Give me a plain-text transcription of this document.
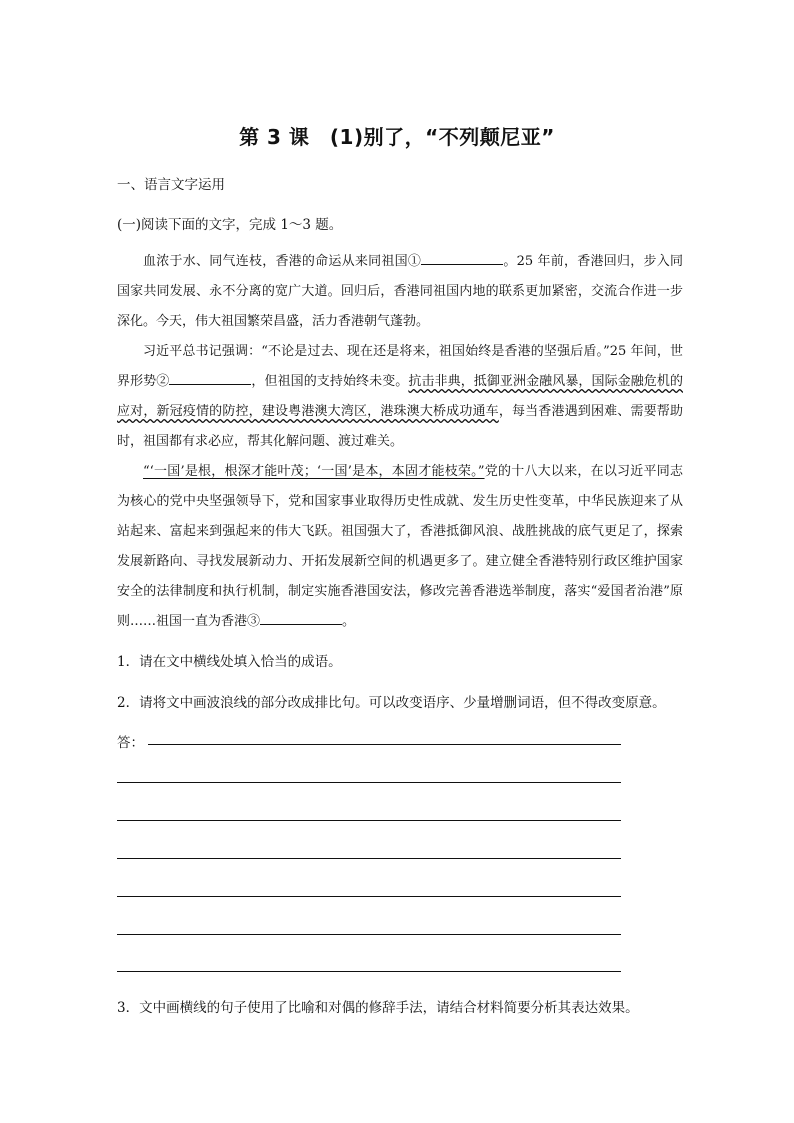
第 3 课　(1)别了，“不列颠尼亚”
一、语言文字运用
(一)阅读下面的文字，完成 1～3 题。

血浓于水、同气连枝，香港的命运从来同祖国①	。25 年前，香港回归，步入同国家共同发展、永不分离的宽广大道。回归后，香港同祖国内地的联系更加紧密，交流合作进一步深化。今天，伟大祖国繁荣昌盛，活力香港朝气蓬勃。

习近平总书记强调：“不论是过去、现在还是将来，祖国始终是香港的坚强后盾。”25 年间，世界形势②	，但祖国的支持始终未变。抗击非典，抵御亚洲金融风暴，国际金融危机的应对，新冠疫情的防控，建设粤港澳大湾区，港珠澳大桥成功通车，每当香港遇到困难、需要帮助时，祖国都有求必应，帮其化解问题、渡过难关。

“‘一国’是根，根深才能叶茂；‘一国’是本，本固才能枝荣。”党的十八大以来，在以习近平同志为核心的党中央坚强领导下，党和国家事业取得历史性成就、发生历史性变革，中华民族迎来了从站起来、富起来到强起来的伟大飞跃。祖国强大了，香港抵御风浪、战胜挑战的底气更足了，探索发展新路向、寻找发展新动力、开拓发展新空间的机遇更多了。建立健全香港特别行政区维护国家安全的法律制度和执行机制，制定实施香港国安法，修改完善香港选举制度，落实“爱国者治港”原则……祖国一直为香港③	。

1．请在文中横线处填入恰当的成语。
2．请将文中画波浪线的部分改成排比句。可以改变语序、少量增删词语，但不得改变原意。
答：
3．文中画横线的句子使用了比喻和对偶的修辞手法，请结合材料简要分析其表达效果。
